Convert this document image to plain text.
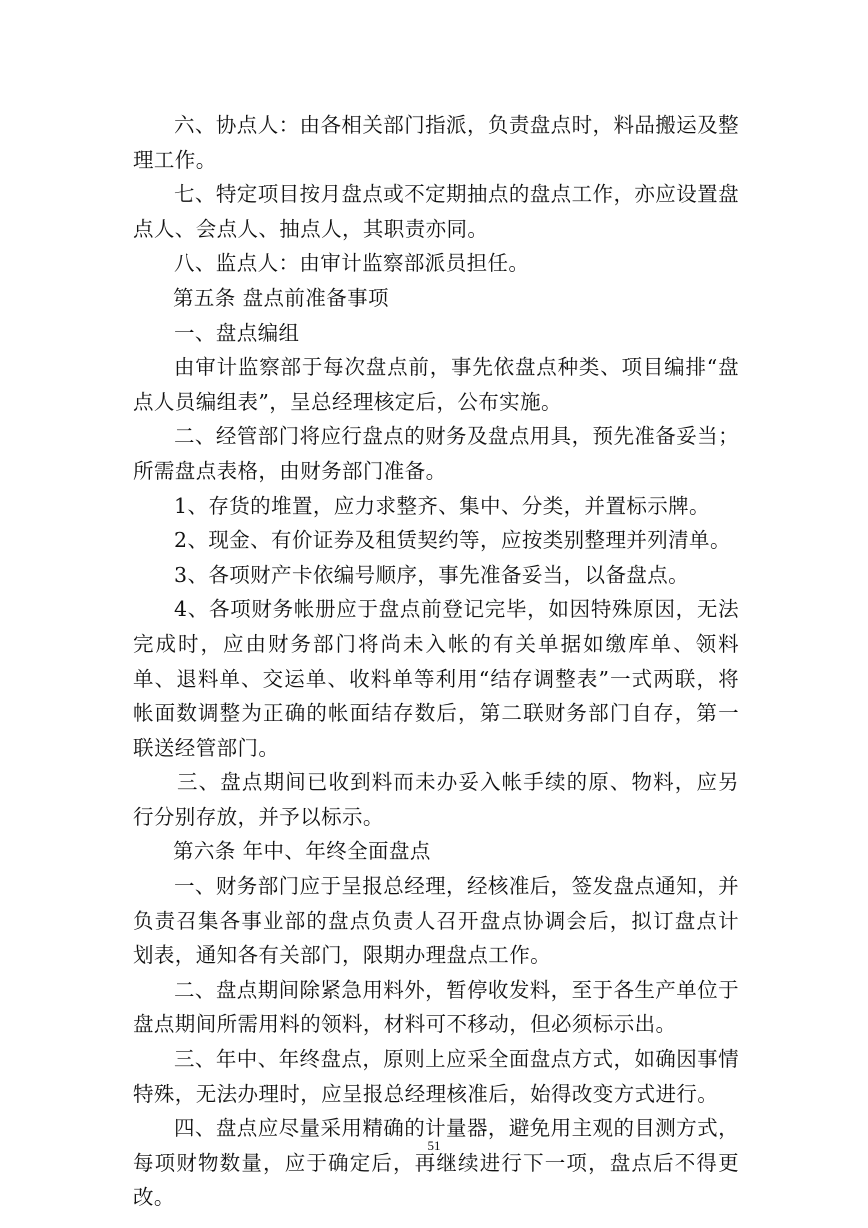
六、协点人：由各相关部门指派，负责盘点时，料品搬运及整理工作。

七、特定项目按月盘点或不定期抽点的盘点工作，亦应设置盘点人、会点人、抽点人，其职责亦同。

八、监点人：由审计监察部派员担任。

第五条 盘点前准备事项

一、盘点编组

由审计监察部于每次盘点前，事先依盘点种类、项目编排“盘点人员编组表”，呈总经理核定后，公布实施。

二、经管部门将应行盘点的财务及盘点用具，预先准备妥当；所需盘点表格，由财务部门准备。

1、存货的堆置，应力求整齐、集中、分类，并置标示牌。

2、现金、有价证券及租赁契约等，应按类别整理并列清单。

3、各项财产卡依编号顺序，事先准备妥当，以备盘点。

4、各项财务帐册应于盘点前登记完毕，如因特殊原因，无法完成时，应由财务部门将尚未入帐的有关单据如缴库单、领料单、退料单、交运单、收料单等利用“结存调整表”一式两联，将帐面数调整为正确的帐面结存数后，第二联财务部门自存，第一联送经管部门。

三、盘点期间已收到料而未办妥入帐手续的原、物料，应另行分别存放，并予以标示。

第六条 年中、年终全面盘点

一、财务部门应于呈报总经理，经核准后，签发盘点通知，并负责召集各事业部的盘点负责人召开盘点协调会后，拟订盘点计划表，通知各有关部门，限期办理盘点工作。

二、盘点期间除紧急用料外，暂停收发料，至于各生产单位于盘点期间所需用料的领料，材料可不移动，但必须标示出。

三、年中、年终盘点，原则上应采全面盘点方式，如确因事情特殊，无法办理时，应呈报总经理核准后，始得改变方式进行。

四、盘点应尽量采用精确的计量器，避免用主观的目测方式，每项财物数量，应于确定后，再继续进行下一项，盘点后不得更改。

51
